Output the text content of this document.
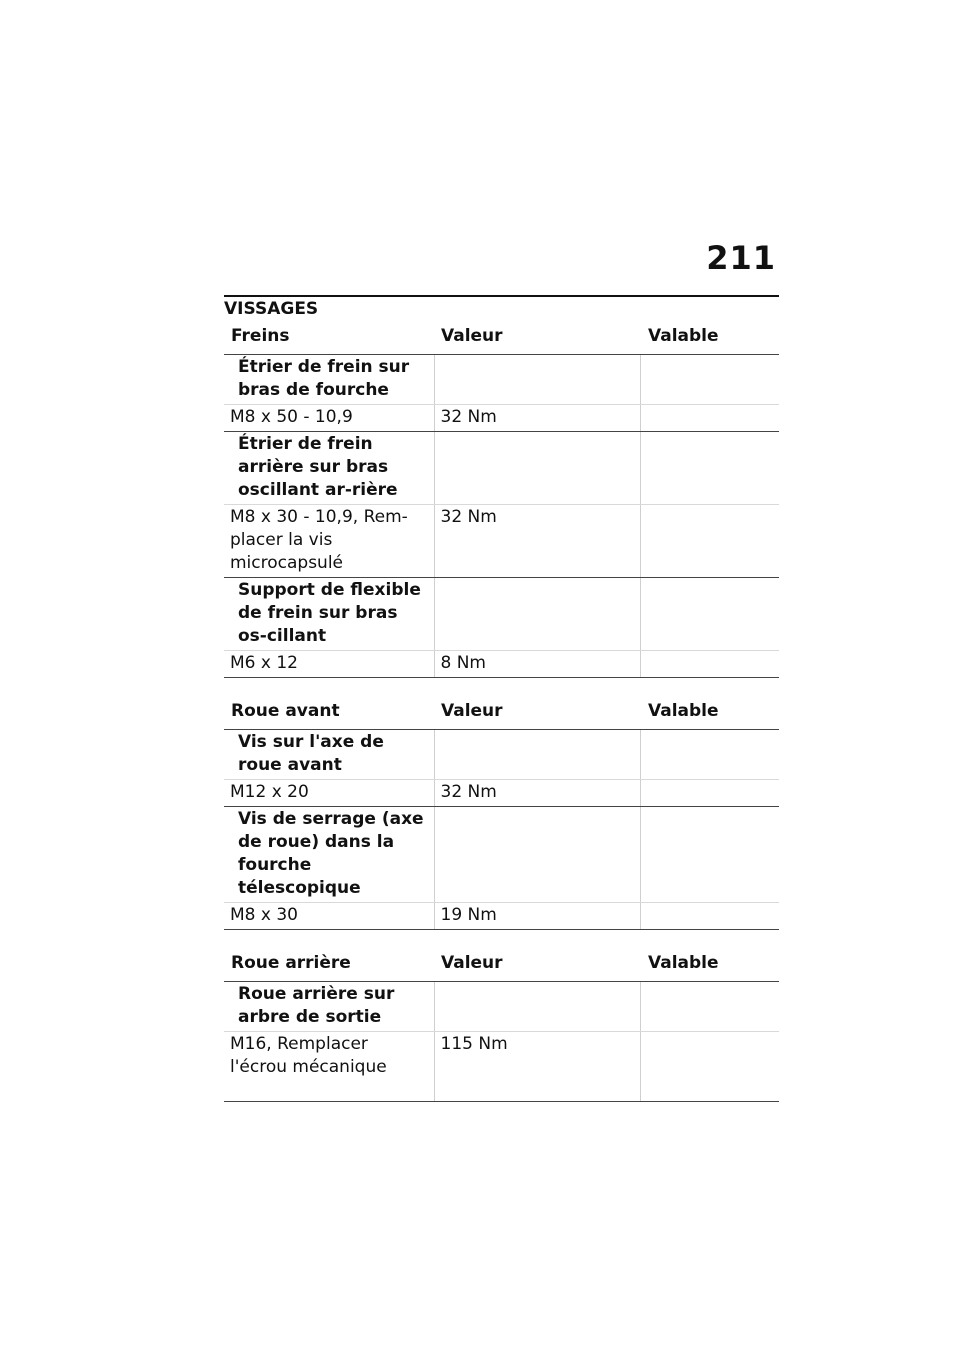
211
VISSAGES
Freins	Valeur	Valable

Étrier de frein sur bras de fourche		

M8 x 50 - 10,9	32 Nm	

Étrier de frein arrière sur bras oscillant ar-rière		

M8 x 30 - 10,9, Rem-placer la vis microcapsulé	32 Nm	

Support de flexible de frein sur bras os-cillant		

M6 x 12	8 Nm	
Roue avant	Valeur	Valable

Vis sur l'axe de roue avant		

M12 x 20	32 Nm	

Vis de serrage (axe de roue) dans la fourche télescopique		

M8 x 30	19 Nm	
Roue arrière	Valeur	Valable

Roue arrière sur arbre de sortie		

M16, Remplacer l'écrou mécanique	115 Nm	
